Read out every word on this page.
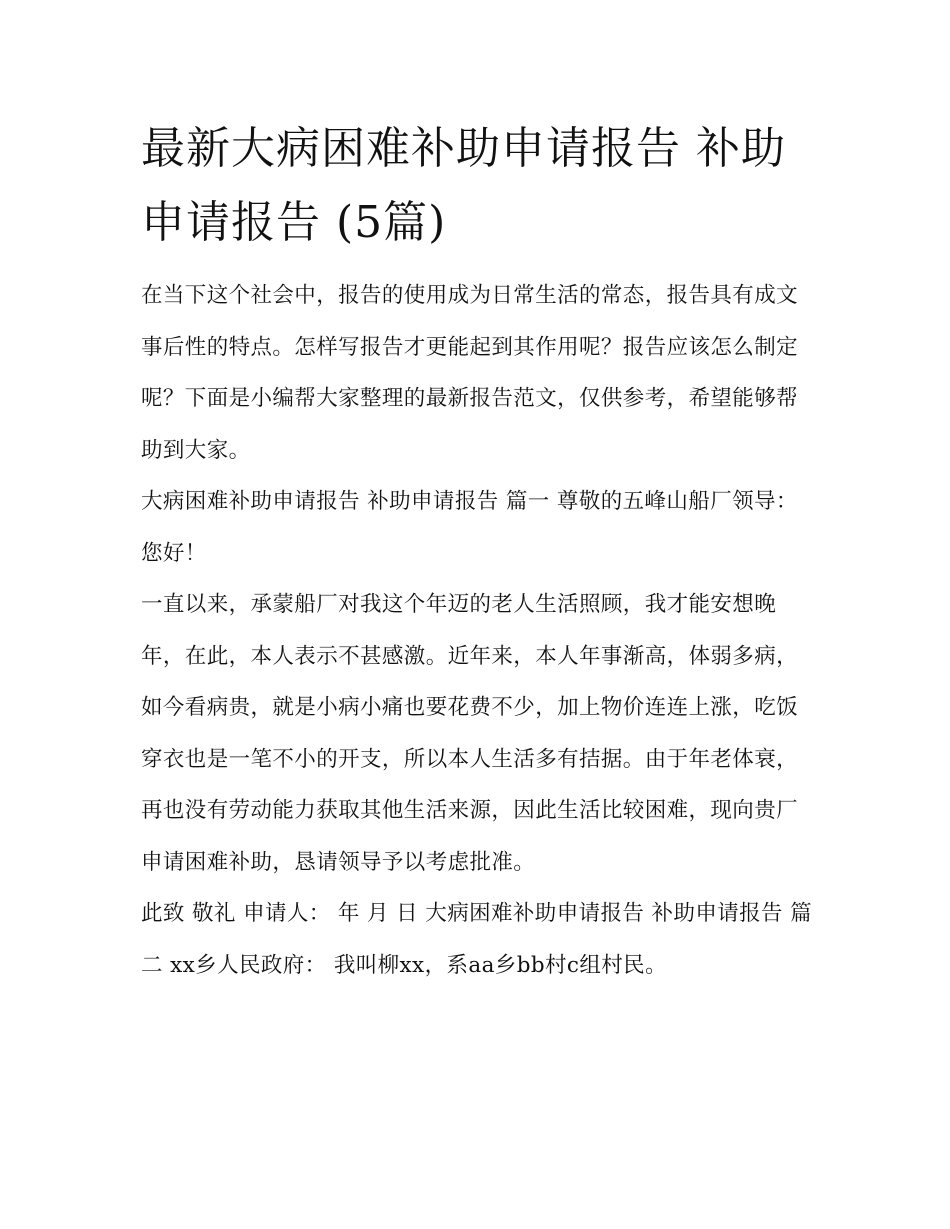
最新大病困难补助申请报告 补助申请报告 (5篇)

在当下这个社会中，报告的使用成为日常生活的常态，报告具有成文事后性的特点。怎样写报告才更能起到其作用呢？报告应该怎么制定呢？下面是小编帮大家整理的最新报告范文，仅供参考，希望能够帮助到大家。

大病困难补助申请报告 补助申请报告 篇一 尊敬的五峰山船厂领导： 您好！

一直以来，承蒙船厂对我这个年迈的老人生活照顾，我才能安想晚年，在此，本人表示不甚感激。近年来，本人年事渐高，体弱多病，如今看病贵，就是小病小痛也要花费不少，加上物价连连上涨，吃饭穿衣也是一笔不小的开支，所以本人生活多有拮据。由于年老体衰，再也没有劳动能力获取其他生活来源，因此生活比较困难，现向贵厂申请困难补助，恳请领导予以考虑批准。

此致 敬礼 申请人： 年 月 日 大病困难补助申请报告 补助申请报告 篇二 xx乡人民政府： 我叫柳xx，系aa乡bb村c组村民。
